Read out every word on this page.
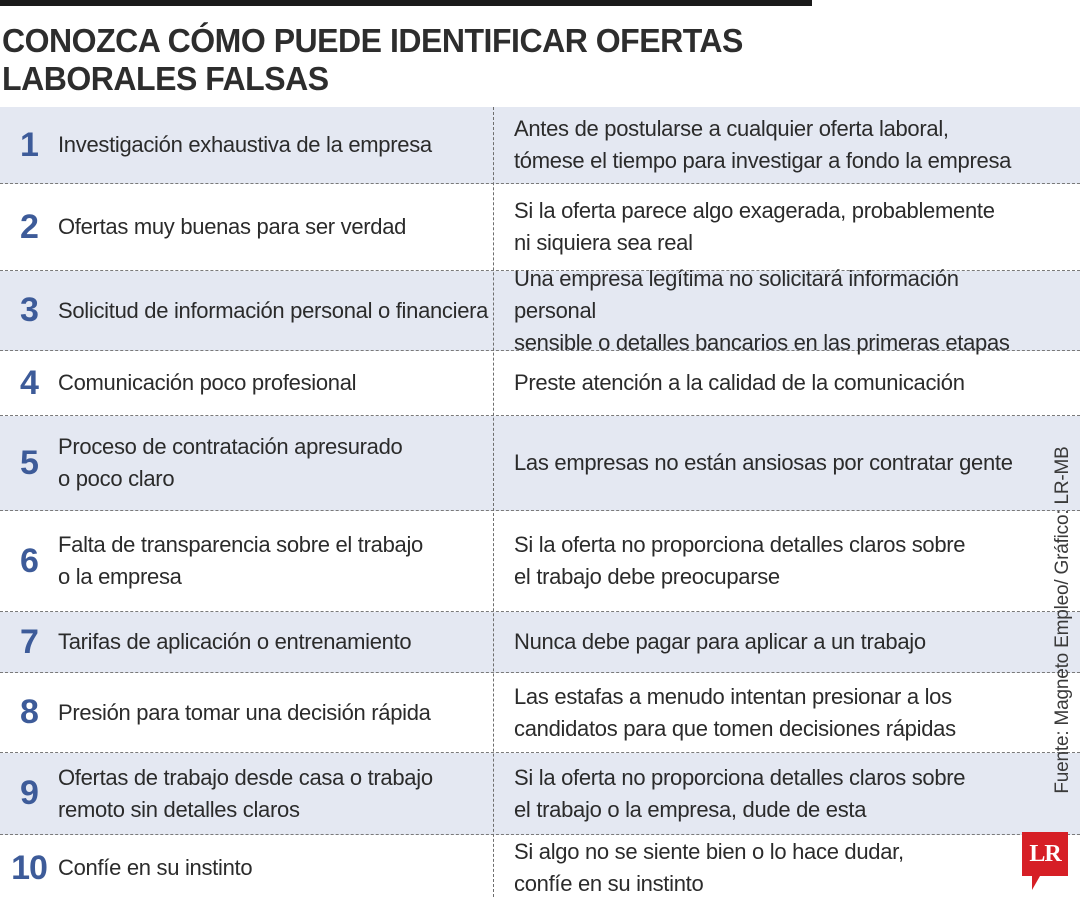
CONOZCA CÓMO PUEDE IDENTIFICAR OFERTAS LABORALES FALSAS
1 Investigación exhaustiva de la empresa
Antes de postularse a cualquier oferta laboral,
tómese el tiempo para investigar a fondo la empresa
2 Ofertas muy buenas para ser verdad
Si la oferta parece algo exagerada, probablemente
ni siquiera sea real
3 Solicitud de información personal o financiera
Una empresa legítima no solicitará información personal
sensible o detalles bancarios en las primeras etapas
4 Comunicación poco profesional	Preste atención a la calidad de la comunicación
5 Proceso de contratación apresurado
o poco claro
Las empresas no están ansiosas por contratar gente
6 Falta de transparencia sobre el trabajo
o la empresa
Si la oferta no proporciona detalles claros sobre
el trabajo debe preocuparse
7 Tarifas de aplicación o entrenamiento	Nunca debe pagar para aplicar a un trabajo
8 Presión para tomar una decisión rápida
Las estafas a menudo intentan presionar a los
candidatos para que tomen decisiones rápidas
9 Ofertas de trabajo desde casa o trabajo
remoto sin detalles claros
Si la oferta no proporciona detalles claros sobre
el trabajo o la empresa, dude de esta
10 Confíe en su instinto
Si algo no se siente bien o lo hace dudar,
confíe en su instinto
Fuente: Magneto Empleo/ Gráfico: LR-MB
LR
